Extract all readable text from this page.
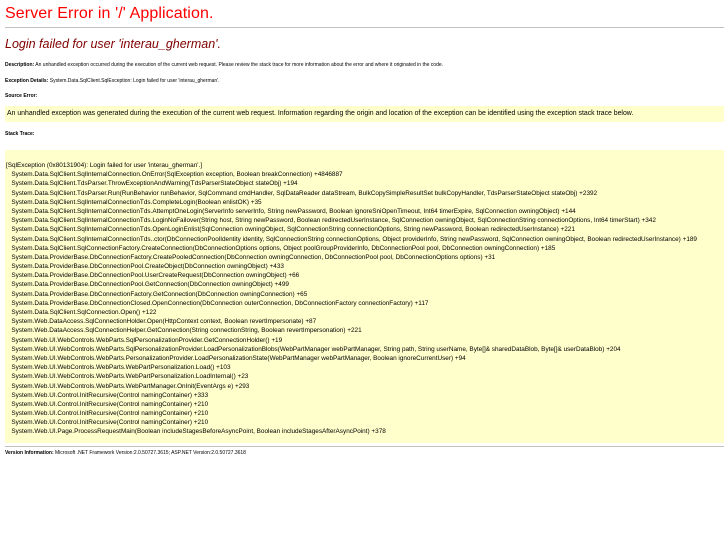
Server Error in '/' Application.
Login failed for user 'interau_gherman'.
Description: An unhandled exception occurred during the execution of the current web request. Please review the stack trace for more information about the error and where it originated in the code.
Exception Details: System.Data.SqlClient.SqlException: Login failed for user 'interau_gherman'.
Source Error:
An unhandled exception was generated during the execution of the current web request. Information regarding the origin and location of the exception can be identified using the exception stack trace below.
Stack Trace:
[SqlException (0x80131904): Login failed for user 'interau_gherman'.]
System.Data.SqlClient.SqlInternalConnection.OnError(SqlException exception, Boolean breakConnection) +4846887
System.Data.SqlClient.TdsParser.ThrowExceptionAndWarning(TdsParserStateObject stateObj) +194
System.Data.SqlClient.TdsParser.Run(RunBehavior runBehavior, SqlCommand cmdHandler, SqlDataReader dataStream, BulkCopySimpleResultSet bulkCopyHandler, TdsParserStateObject stateObj) +2392
System.Data.SqlClient.SqlInternalConnectionTds.CompleteLogin(Boolean enlistOK) +35
System.Data.SqlClient.SqlInternalConnectionTds.AttemptOneLogin(ServerInfo serverInfo, String newPassword, Boolean ignoreSniOpenTimeout, Int64 timerExpire, SqlConnection owningObject) +144
System.Data.SqlClient.SqlInternalConnectionTds.LoginNoFailover(String host, String newPassword, Boolean redirectedUserInstance, SqlConnection owningObject, SqlConnectionString connectionOptions, Int64 timerStart) +342
System.Data.SqlClient.SqlInternalConnectionTds.OpenLoginEnlist(SqlConnection owningObject, SqlConnectionString connectionOptions, String newPassword, Boolean redirectedUserInstance) +221
System.Data.SqlClient.SqlInternalConnectionTds..ctor(DbConnectionPoolIdentity identity, SqlConnectionString connectionOptions, Object providerInfo, String newPassword, SqlConnection owningObject, Boolean redirectedUserInstance) +189
System.Data.SqlClient.SqlConnectionFactory.CreateConnection(DbConnectionOptions options, Object poolGroupProviderInfo, DbConnectionPool pool, DbConnection owningConnection) +185
System.Data.ProviderBase.DbConnectionFactory.CreatePooledConnection(DbConnection owningConnection, DbConnectionPool pool, DbConnectionOptions options) +31
System.Data.ProviderBase.DbConnectionPool.CreateObject(DbConnection owningObject) +433
System.Data.ProviderBase.DbConnectionPool.UserCreateRequest(DbConnection owningObject) +66
System.Data.ProviderBase.DbConnectionPool.GetConnection(DbConnection owningObject) +499
System.Data.ProviderBase.DbConnectionFactory.GetConnection(DbConnection owningConnection) +65
System.Data.ProviderBase.DbConnectionClosed.OpenConnection(DbConnection outerConnection, DbConnectionFactory connectionFactory) +117
System.Data.SqlClient.SqlConnection.Open() +122
System.Web.DataAccess.SqlConnectionHolder.Open(HttpContext context, Boolean revertImpersonate) +87
System.Web.DataAccess.SqlConnectionHelper.GetConnection(String connectionString, Boolean revertImpersonation) +221
System.Web.UI.WebControls.WebParts.SqlPersonalizationProvider.GetConnectionHolder() +19
System.Web.UI.WebControls.WebParts.SqlPersonalizationProvider.LoadPersonalizationBlobs(WebPartManager webPartManager, String path, String userName, Byte[]& sharedDataBlob, Byte[]& userDataBlob) +204
System.Web.UI.WebControls.WebParts.PersonalizationProvider.LoadPersonalizationState(WebPartManager webPartManager, Boolean ignoreCurrentUser) +94
System.Web.UI.WebControls.WebParts.WebPartPersonalization.Load() +103
System.Web.UI.WebControls.WebParts.WebPartPersonalization.LoadInternal() +23
System.Web.UI.WebControls.WebParts.WebPartManager.OnInit(EventArgs e) +293
System.Web.UI.Control.InitRecursive(Control namingContainer) +333
System.Web.UI.Control.InitRecursive(Control namingContainer) +210
System.Web.UI.Control.InitRecursive(Control namingContainer) +210
System.Web.UI.Control.InitRecursive(Control namingContainer) +210
System.Web.UI.Page.ProcessRequestMain(Boolean includeStagesBeforeAsyncPoint, Boolean includeStagesAfterAsyncPoint) +378
Version Information: Microsoft .NET Framework Version:2.0.50727.3615; ASP.NET Version:2.0.50727.3618
